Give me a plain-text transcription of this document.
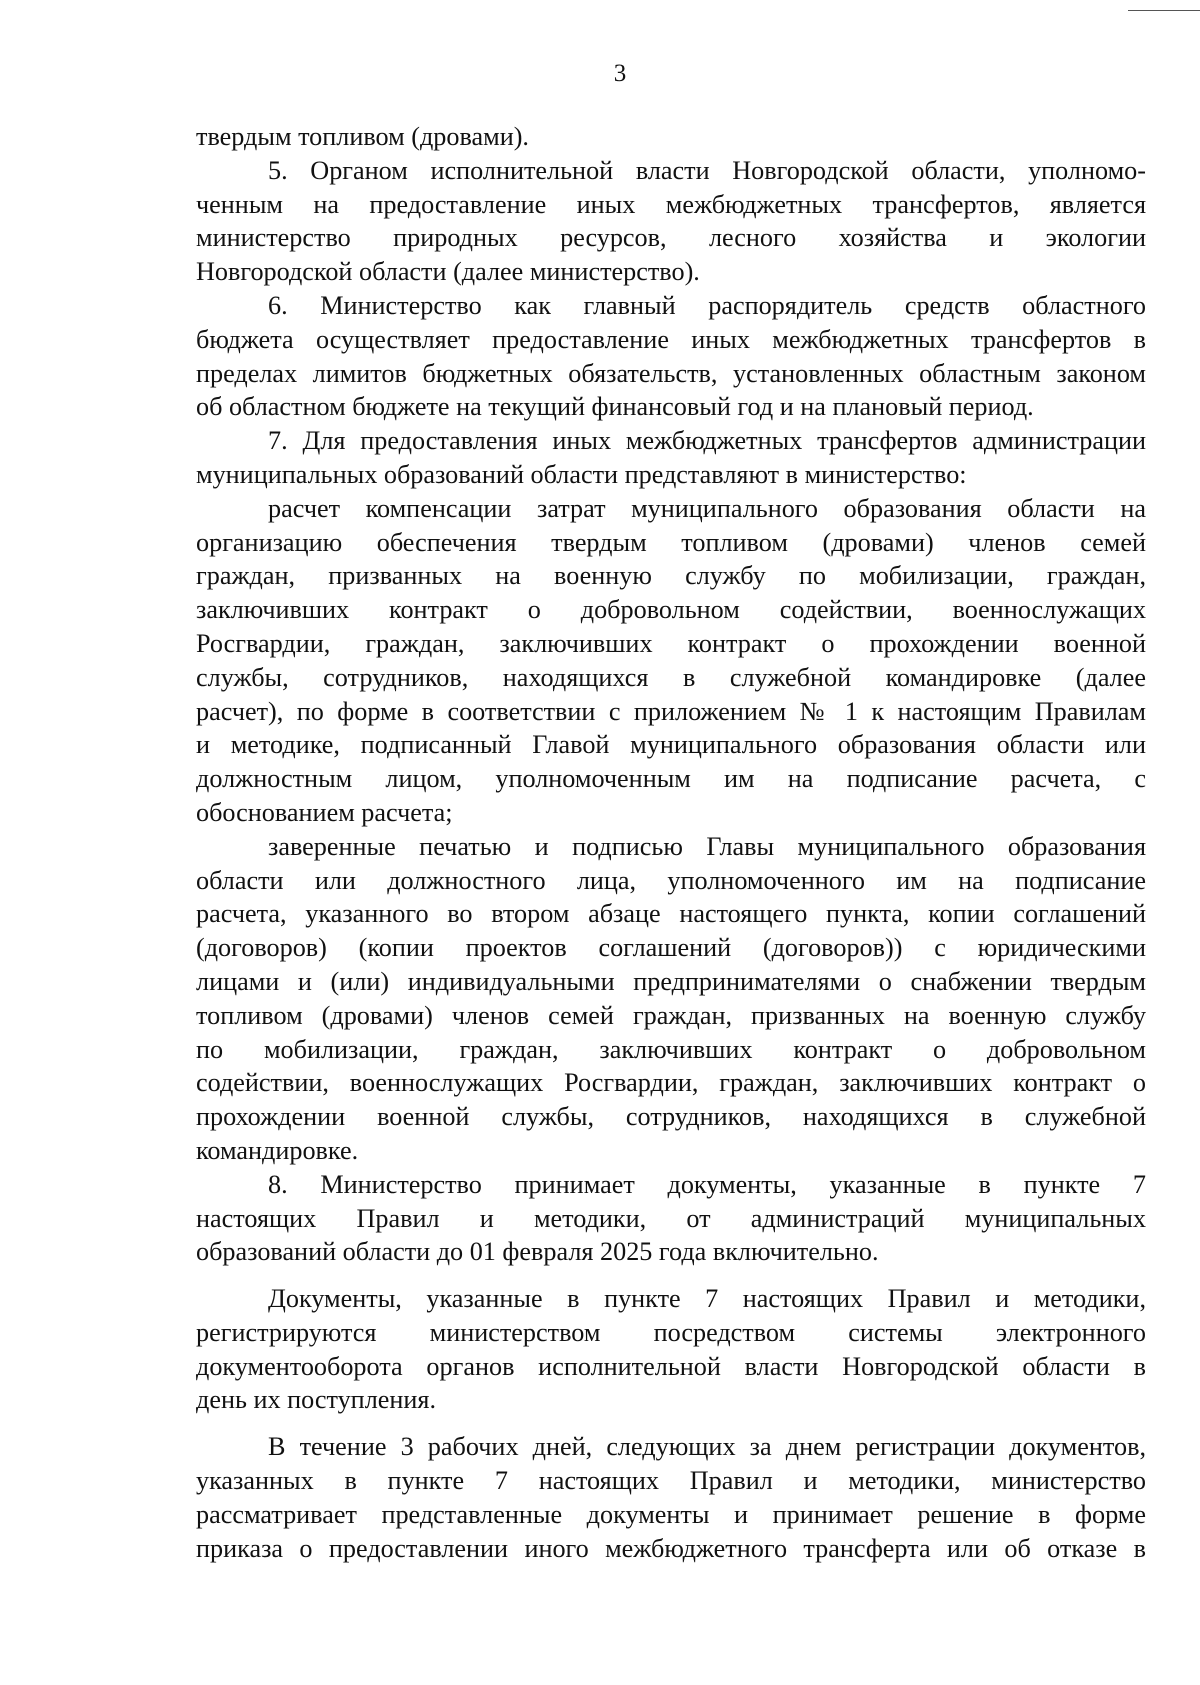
3

твердым топливом (дровами).

5. Органом исполнительной власти Новгородской области, уполномо-

ченным на предоставление иных межбюджетных трансфертов, является

министерство природных ресурсов, лесного хозяйства и экологии

Новгородской области (далее министерство).

6. Министерство как главный распорядитель средств областного

бюджета осуществляет предоставление иных межбюджетных трансфертов в

пределах лимитов бюджетных обязательств, установленных областным законом

об областном бюджете на текущий финансовый год и на плановый период.

7. Для предоставления иных межбюджетных трансфертов администрации

муниципальных образований области представляют в министерство:

расчет компенсации затрат муниципального образования области на

организацию обеспечения твердым топливом (дровами) членов семей

граждан, призванных на военную службу по мобилизации, граждан,

заключивших контракт о добровольном содействии, военнослужащих

Росгвардии, граждан, заключивших контракт о прохождении военной

службы, сотрудников, находящихся в служебной командировке (далее

расчет), по форме в соответствии с приложением № 1 к настоящим Правилам

и методике, подписанный Главой муниципального образования области или

должностным лицом, уполномоченным им на подписание расчета, с

обоснованием расчета;

заверенные печатью и подписью Главы муниципального образования

области или должностного лица, уполномоченного им на подписание

расчета, указанного во втором абзаце настоящего пункта, копии соглашений

(договоров) (копии проектов соглашений (договоров)) с юридическими

лицами и (или) индивидуальными предпринимателями о снабжении твердым

топливом (дровами) членов семей граждан, призванных на военную службу

по мобилизации, граждан, заключивших контракт о добровольном

содействии, военнослужащих Росгвардии, граждан, заключивших контракт о

прохождении военной службы, сотрудников, находящихся в служебной

командировке.

8. Министерство принимает документы, указанные в пункте 7

настоящих Правил и методики, от администраций муниципальных

образований области до 01 февраля 2025 года включительно.

Документы, указанные в пункте 7 настоящих Правил и методики,

регистрируются министерством посредством системы электронного

документооборота органов исполнительной власти Новгородской области в

день их поступления.

В течение 3 рабочих дней, следующих за днем регистрации документов,

указанных в пункте 7 настоящих Правил и методики, министерство

рассматривает представленные документы и принимает решение в форме

приказа о предоставлении иного межбюджетного трансферта или об отказе в
